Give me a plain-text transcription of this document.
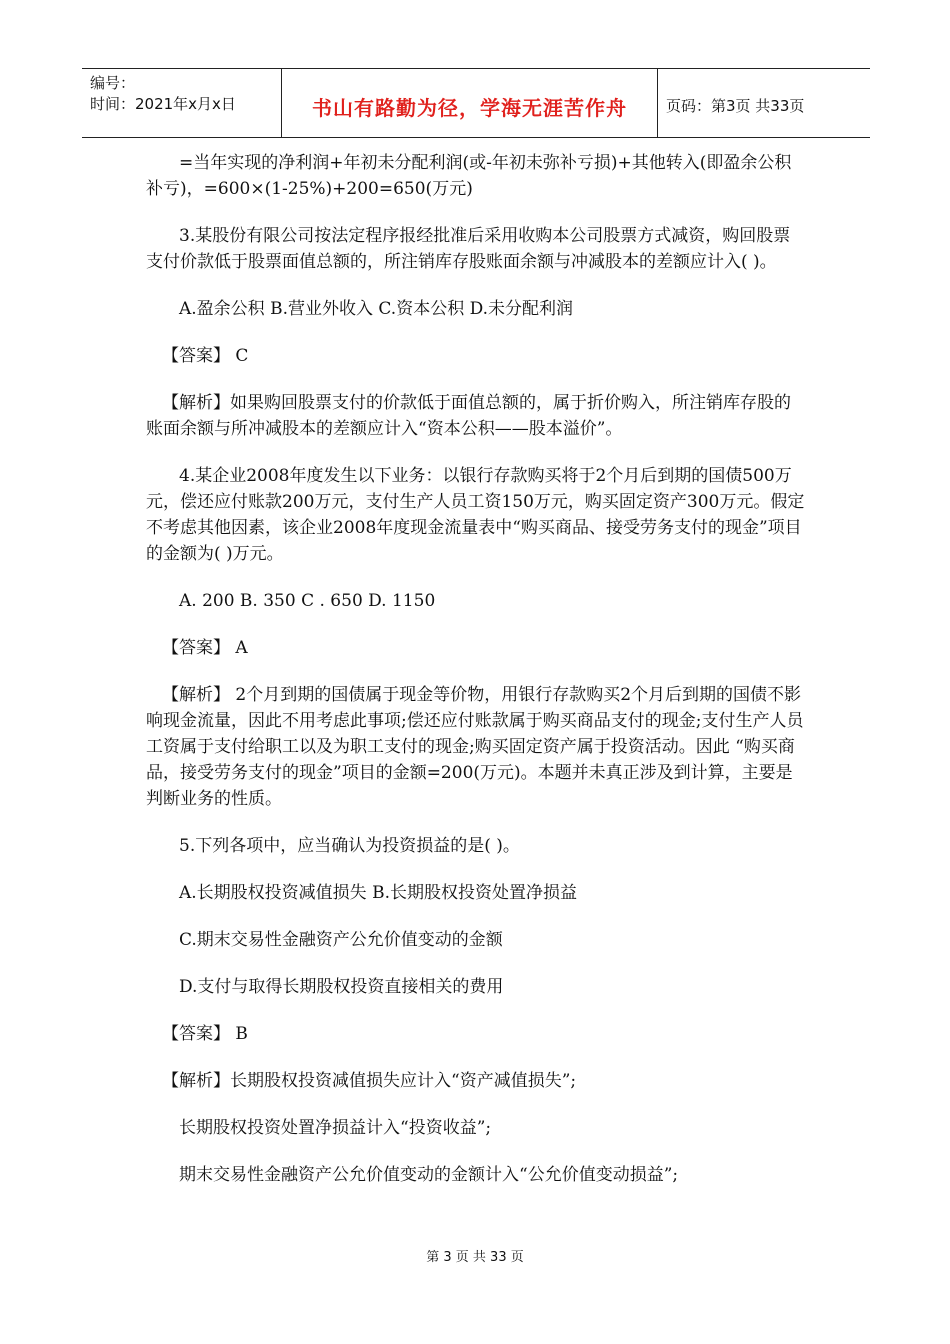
编号：
时间：2021年x月x日	书山有路勤为径，学海无涯苦作舟	页码：第3页 共33页

=当年实现的净利润+年初未分配利润(或-年初未弥补亏损)+其他转入(即盈余公积补亏)，=600×(1-25%)+200=650(万元)

3.某股份有限公司按法定程序报经批准后采用收购本公司股票方式减资，购回股票支付价款低于股票面值总额的，所注销库存股账面余额与冲减股本的差额应计入( )。

A.盈余公积 B.营业外收入 C.资本公积 D.未分配利润

【答案】 C

【解析】如果购回股票支付的价款低于面值总额的，属于折价购入，所注销库存股的账面余额与所冲减股本的差额应计入“资本公积——股本溢价”。

4.某企业2008年度发生以下业务：以银行存款购买将于2个月后到期的国债500万元，偿还应付账款200万元，支付生产人员工资150万元，购买固定资产300万元。假定不考虑其他因素，该企业2008年度现金流量表中“购买商品、接受劳务支付的现金”项目的金额为( )万元。

A. 200 B. 350 C . 650 D. 1150

【答案】 A

【解析】 2个月到期的国债属于现金等价物，用银行存款购买2个月后到期的国债不影响现金流量，因此不用考虑此事项;偿还应付账款属于购买商品支付的现金;支付生产人员工资属于支付给职工以及为职工支付的现金;购买固定资产属于投资活动。因此 “购买商品，接受劳务支付的现金”项目的金额=200(万元)。本题并未真正涉及到计算，主要是判断业务的性质。

5.下列各项中，应当确认为投资损益的是( )。

A.长期股权投资减值损失 B.长期股权投资处置净损益

C.期末交易性金融资产公允价值变动的金额

D.支付与取得长期股权投资直接相关的费用

【答案】 B

【解析】长期股权投资减值损失应计入“资产减值损失”;

长期股权投资处置净损益计入“投资收益”;

期末交易性金融资产公允价值变动的金额计入“公允价值变动损益”;

第 3 页 共 33 页
